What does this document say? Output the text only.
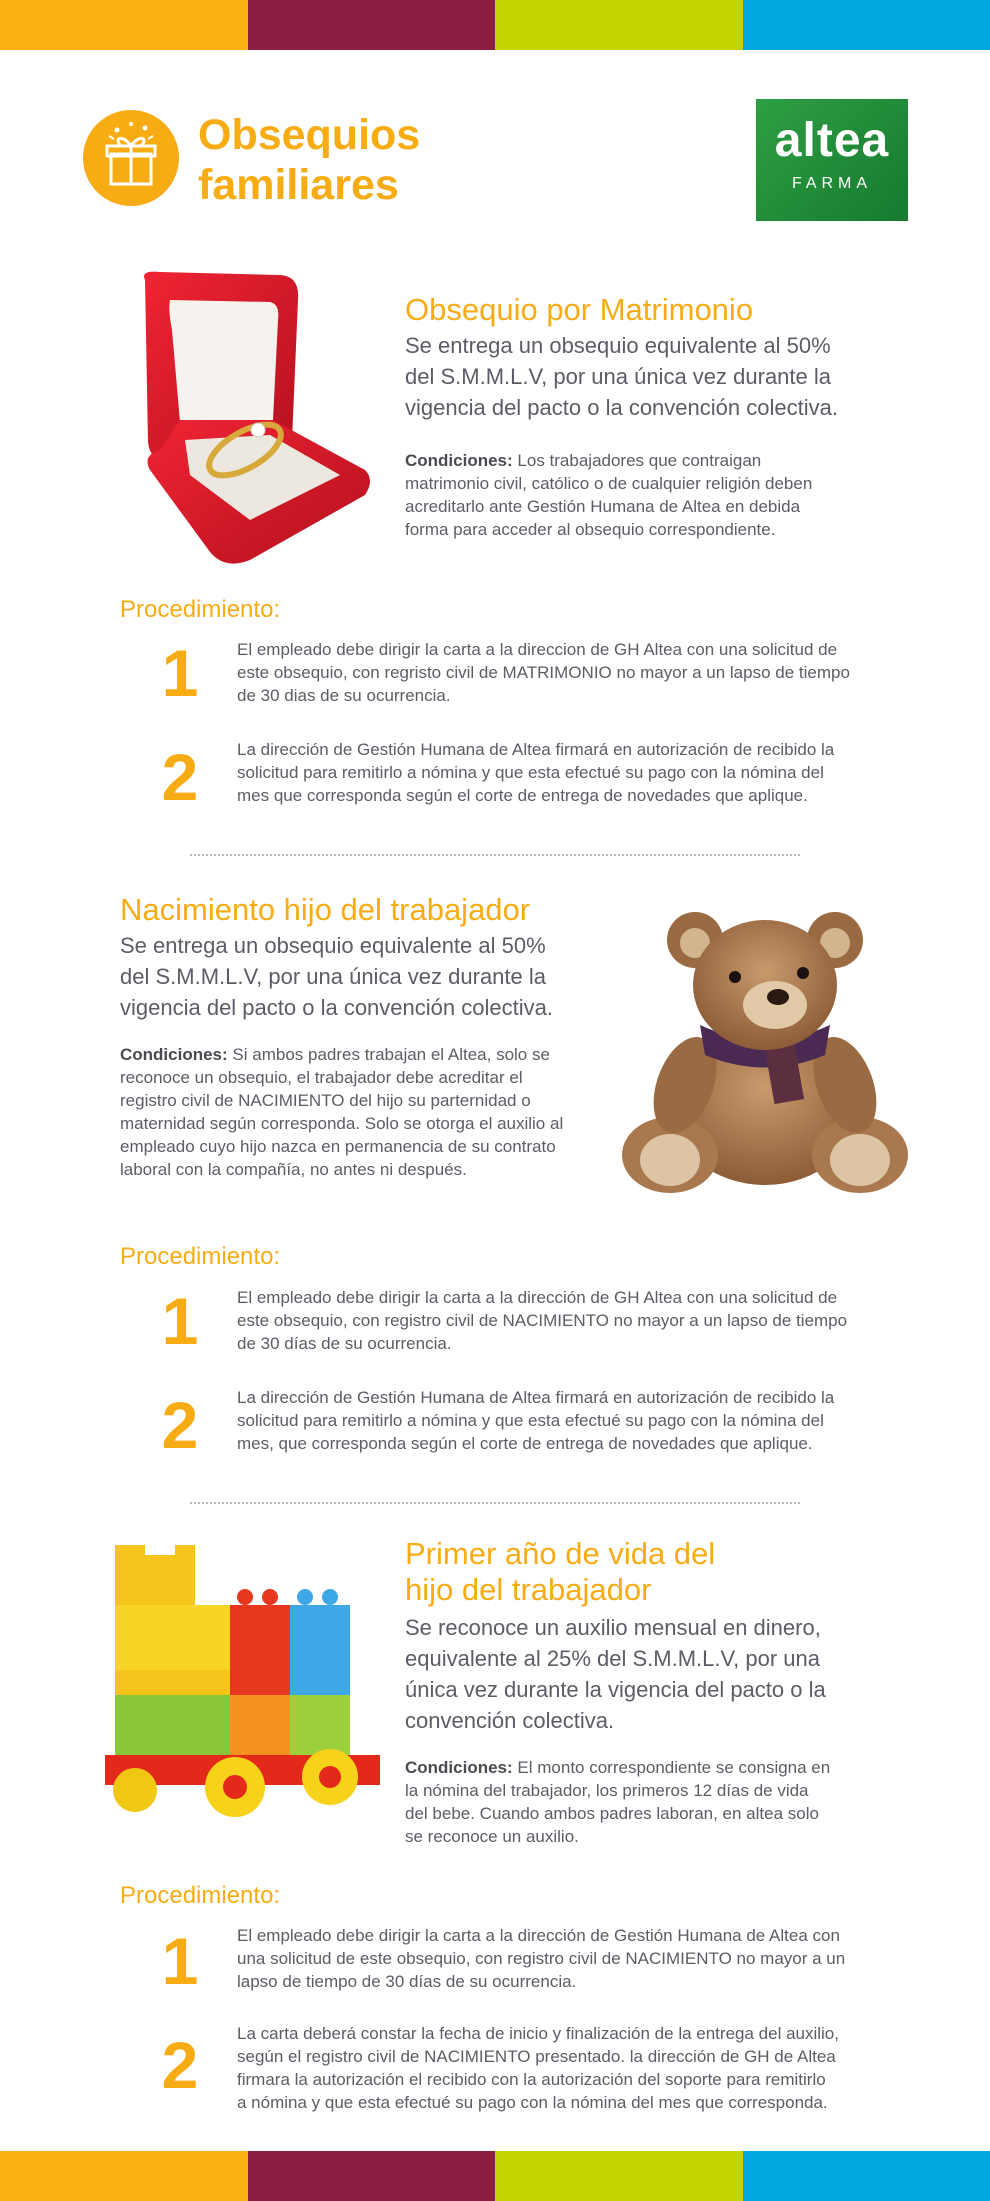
Obsequios
familiares
altea
FARMA
Obsequio por Matrimonio
Se entrega un obsequio equivalente al 50%
del S.M.M.L.V, por una única vez durante la
vigencia del pacto o la convención colectiva.
Condiciones: Los trabajadores que contraigan
matrimonio civil, católico o de cualquier religión deben
acreditarlo ante Gestión Humana de Altea en debida
forma para acceder al obsequio correspondiente.
Procedimiento:
1	El empleado debe dirigir la carta a la direccion de GH Altea con una solicitud de
este obsequio, con regristo civil de MATRIMONIO no mayor a un lapso de tiempo
de 30 dias de su ocurrencia.
2	La dirección de Gestión Humana de Altea firmará en autorización de recibido la
solicitud para remitirlo a nómina y que esta efectué su pago con la nómina del
mes que corresponda según el corte de entrega de novedades que aplique.
Nacimiento hijo del trabajador
Se entrega un obsequio equivalente al 50%
del S.M.M.L.V, por una única vez durante la
vigencia del pacto o la convención colectiva.
Condiciones: Si ambos padres trabajan el Altea, solo se
reconoce un obsequio, el trabajador debe acreditar el
registro civil de NACIMIENTO del hijo su parternidad o
maternidad según corresponda. Solo se otorga el auxilio al
empleado cuyo hijo nazca en permanencia de su contrato
laboral con la compañía, no antes ni después.
Procedimiento:
1	El empleado debe dirigir la carta a la dirección de GH Altea con una solicitud de
este obsequio, con registro civil de NACIMIENTO no mayor a un lapso de tiempo
de 30 días de su ocurrencia.
2	La dirección de Gestión Humana de Altea firmará en autorización de recibido la
solicitud para remitirlo a nómina y que esta efectué su pago con la nómina del
mes, que corresponda según el corte de entrega de novedades que aplique.
Primer año de vida del
hijo del trabajador
Se reconoce un auxilio mensual en dinero,
equivalente al 25% del S.M.M.L.V, por una
única vez durante la vigencia del pacto o la
convención colectiva.
Condiciones: El monto correspondiente se consigna en
la nómina del trabajador, los primeros 12 días de vida
del bebe. Cuando ambos padres laboran, en altea solo
se reconoce un auxilio.
Procedimiento:
1	El empleado debe dirigir la carta a la dirección de Gestión Humana de Altea con
una solicitud de este obsequio, con registro civil de NACIMIENTO no mayor a un
lapso de tiempo de 30 días de su ocurrencia.
2	La carta deberá constar la fecha de inicio y finalización de la entrega del auxilio,
según el registro civil de NACIMIENTO presentado. la dirección de GH de Altea
firmara la autorización el recibido con la autorización del soporte para remitirlo
a nómina y que esta efectué su pago con la nómina del mes que corresponda.
